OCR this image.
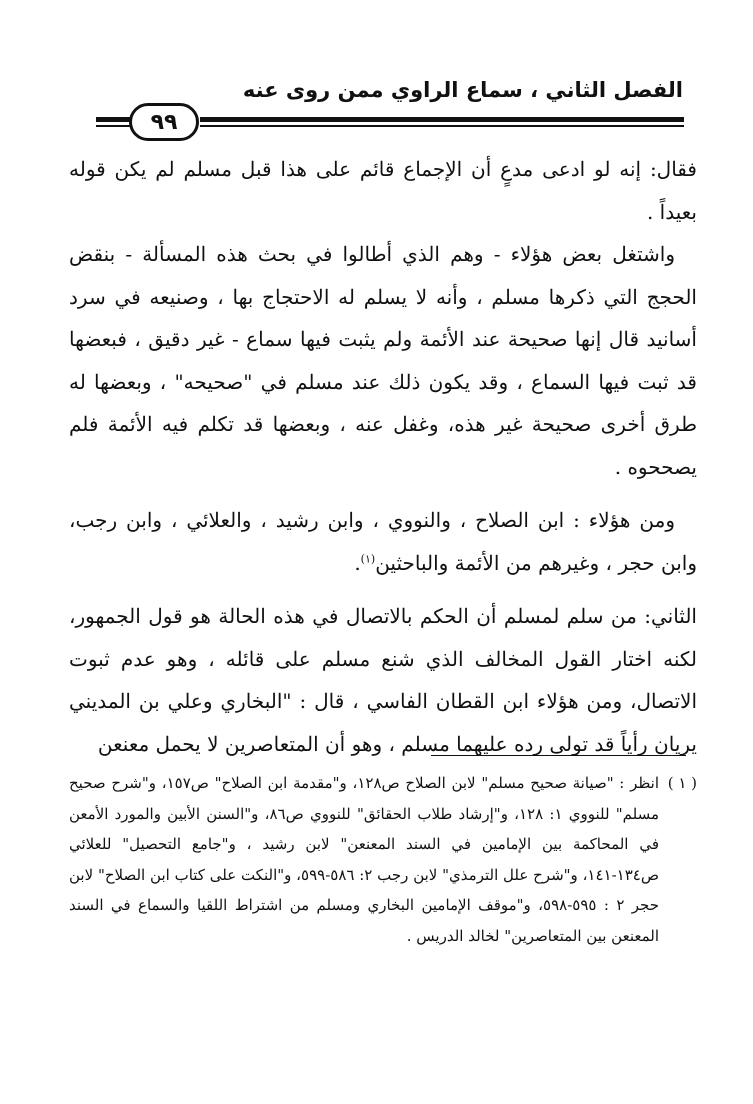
الفصل الثاني ، سماع الراوي ممن روى عنه
٩٩

فقال: إنه لو ادعى مدعٍ أن الإجماع قائم على هذا قبل مسلم لم يكن قوله بعيداً .

واشتغل بعض هؤلاء - وهم الذي أطالوا في بحث هذه المسألة - بنقض الحجج التي ذكرها مسلم ، وأنه لا يسلم له الاحتجاج بها ، وصنيعه في سرد أسانيد قال إنها صحيحة عند الأئمة ولم يثبت فيها سماع - غير دقيق ، فبعضها قد ثبت فيها السماع ، وقد يكون ذلك عند مسلم في "صحيحه" ، وبعضها له طرق أخرى صحيحة غير هذه، وغفل عنه ، وبعضها قد تكلم فيه الأئمة فلم يصححوه .

ومن هؤلاء : ابن الصلاح ، والنووي ، وابن رشيد ، والعلائي ، وابن رجب، وابن حجر ، وغيرهم من الأئمة والباحثين$^{(١)}$.

الثاني: من سلم لمسلم أن الحكم بالاتصال في هذه الحالة هو قول الجمهور، لكنه اختار القول المخالف الذي شنع مسلم على قائله ، وهو عدم ثبوت الاتصال، ومن هؤلاء ابن القطان الفاسي ، قال : "البخاري وعلي بن المديني يريان رأياً قد تولى رده عليهما مسلم ، وهو أن المتعاصرين لا يحمل معنعن

( ١ )انظر : "صيانة صحيح مسلم" لابن الصلاح ص١٢٨، و"مقدمة ابن الصلاح" ص١٥٧، و"شرح صحيح مسلم" للنووي ١: ١٢٨، و"إرشاد طلاب الحقائق" للنووي ص٨٦، و"السنن الأبين والمورد الأمعن في المحاكمة بين الإمامين في السند المعنعن" لابن رشيد ، و"جامع التحصيل" للعلائي ص١٣٤-١٤١، و"شرح علل الترمذي" لابن رجب ٢: ٥٨٦-٥٩٩، و"النكت على كتاب ابن الصلاح" لابن حجر ٢ : ٥٩٥-٥٩٨، و"موقف الإمامين البخاري ومسلم من اشتراط اللقيا والسماع في السند المعنعن بين المتعاصرين" لخالد الدريس .
